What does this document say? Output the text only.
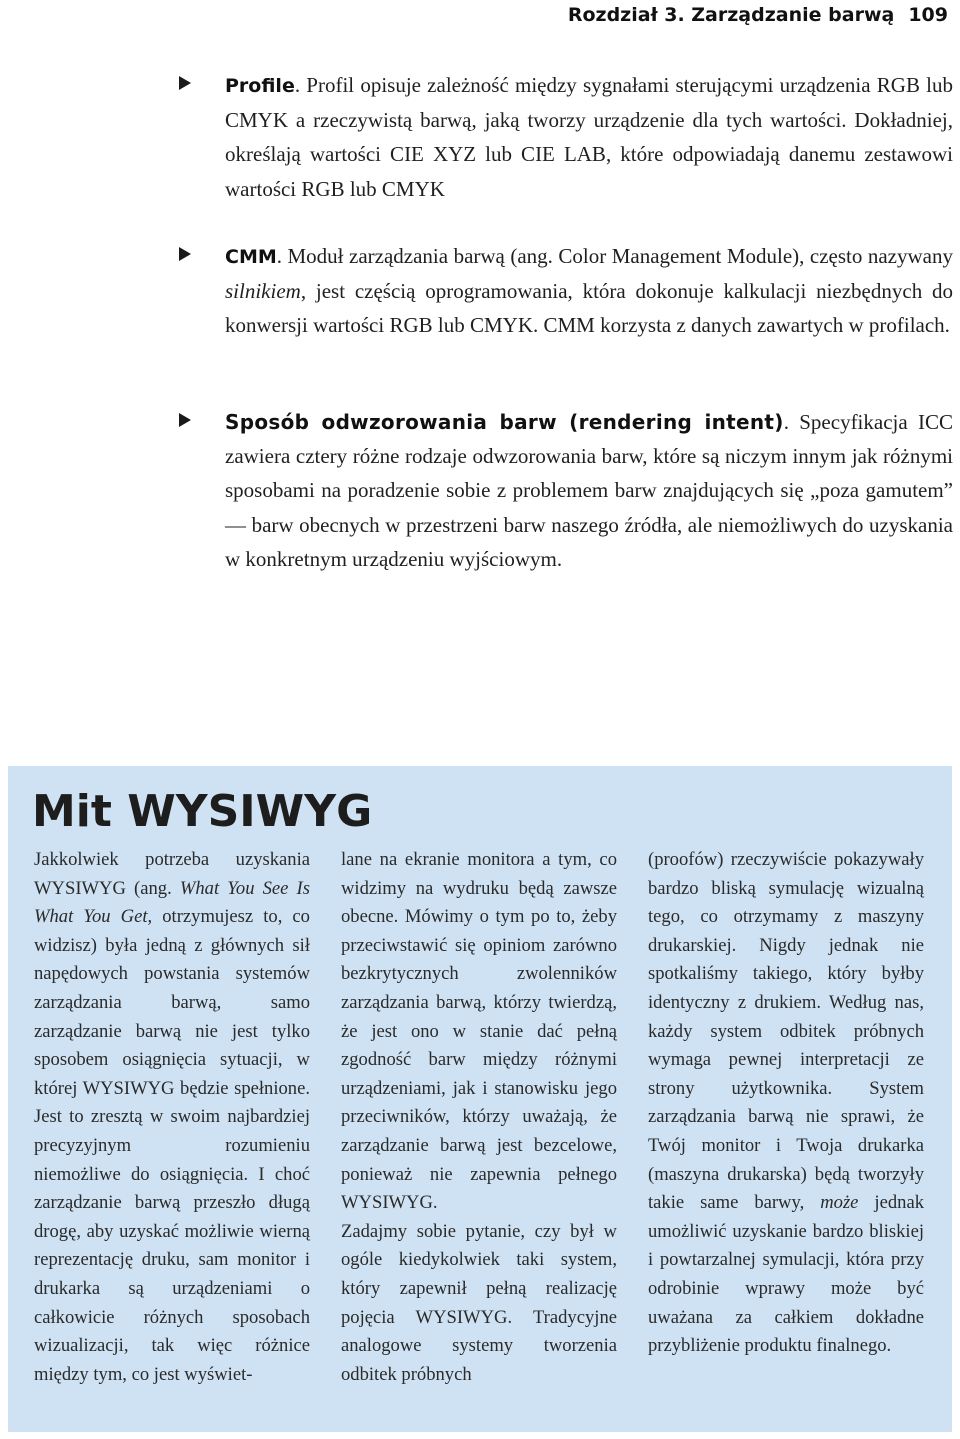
Rozdział 3. Zarządzanie barwą 109
Profile. Profil opisuje zależność między sygnałami sterującymi urządzenia RGB lub CMYK a rzeczywistą barwą, jaką tworzy urządzenie dla tych wartości. Dokładniej, określają wartości CIE XYZ lub CIE LAB, które odpowiadają danemu zestawowi wartości RGB lub CMYK
CMM. Moduł zarządzania barwą (ang. Color Management Module), często nazywany silnikiem, jest częścią oprogramowania, która dokonuje kalkulacji niezbędnych do konwersji wartości RGB lub CMYK. CMM korzysta z danych zawartych w profilach.
Sposób odwzorowania barw (rendering intent). Specyfikacja ICC zawiera cztery różne rodzaje odwzorowania barw, które są niczym innym jak różnymi sposobami na poradzenie sobie z problemem barw znajdujących się „poza gamutem” — barw obecnych w przestrzeni barw naszego źródła, ale niemożliwych do uzyskania w konkretnym urządzeniu wyjściowym.
Mit WYSIWYG

Jakkolwiek potrzeba uzyskania WYSIWYG (ang. What You See Is What You Get, otrzymujesz to, co widzisz) była jedną z głównych sił napędowych powstania systemów zarządzania barwą, samo zarządzanie barwą nie jest tylko sposobem osiągnięcia sytuacji, w której WYSIWYG będzie spełnione. Jest to zresztą w swoim najbardziej precyzyjnym rozumieniu niemożliwe do osiągnięcia. I choć zarządzanie barwą przeszło długą drogę, aby uzyskać możliwie wierną reprezentację druku, sam monitor i drukarka są urządzeniami o całkowicie różnych sposobach wizualizacji, tak więc różnice między tym, co jest wyświet-

lane na ekranie monitora a tym, co widzimy na wydruku będą zawsze obecne. Mówimy o tym po to, żeby przeciwstawić się opiniom zarówno bezkrytycznych zwolenników zarządzania barwą, którzy twierdzą, że jest ono w stanie dać pełną zgodność barw między różnymi urządzeniami, jak i stanowisku jego przeciwników, którzy uważają, że zarządzanie barwą jest bezcelowe, ponieważ nie zapewnia pełnego WYSIWYG.

Zadajmy sobie pytanie, czy był w ogóle kiedykolwiek taki system, który zapewnił pełną realizację pojęcia WYSIWYG. Tradycyjne analogowe systemy tworzenia odbitek próbnych

(proofów) rzeczywiście pokazywały bardzo bliską symulację wizualną tego, co otrzymamy z maszyny drukarskiej. Nigdy jednak nie spotkaliśmy takiego, który byłby identyczny z drukiem. Według nas, każdy system odbitek próbnych wymaga pewnej interpretacji ze strony użytkownika. System zarządzania barwą nie sprawi, że Twój monitor i Twoja drukarka (maszyna drukarska) będą tworzyły takie same barwy, może jednak umożliwić uzyskanie bardzo bliskiej i powtarzalnej symulacji, która przy odrobinie wprawy może być uważana za całkiem dokładne przybliżenie produktu finalnego.
